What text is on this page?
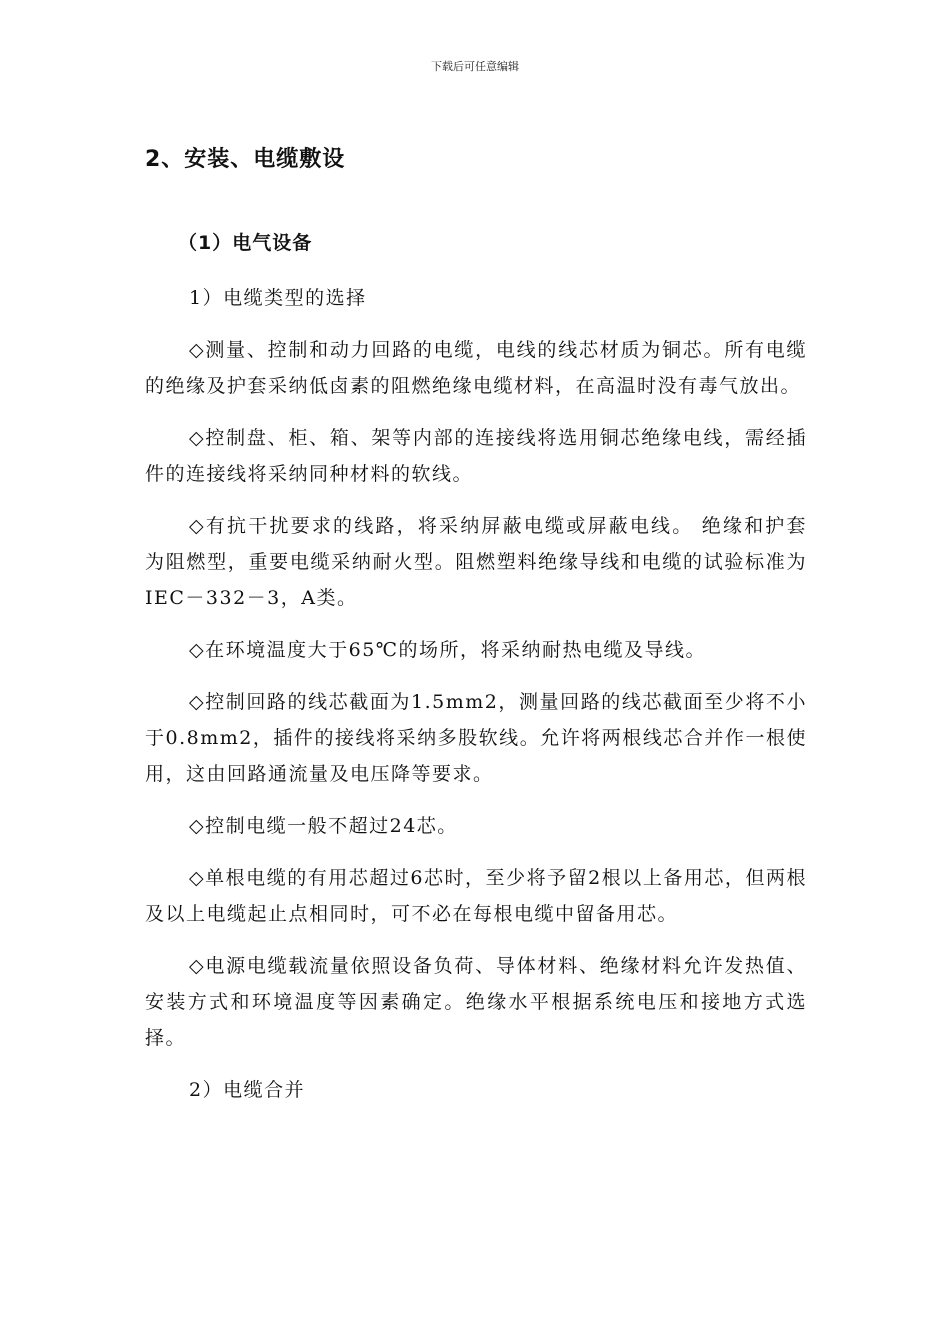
下载后可任意编辑
2、安装、电缆敷设
（1）电气设备

1）电缆类型的选择

◇测量、控制和动力回路的电缆，电线的线芯材质为铜芯。所有电缆的绝缘及护套采纳低卤素的阻燃绝缘电缆材料，在高温时没有毒气放出。

◇控制盘、柜、箱、架等内部的连接线将选用铜芯绝缘电线，需经插件的连接线将采纳同种材料的软线。

◇有抗干扰要求的线路，将采纳屏蔽电缆或屏蔽电线。 绝缘和护套为阻燃型，重要电缆采纳耐火型。阻燃塑料绝缘导线和电缆的试验标准为IEC－332－3，A类。

◇在环境温度大于65℃的场所，将采纳耐热电缆及导线。

◇控制回路的线芯截面为1.5mm2，测量回路的线芯截面至少将不小于0.8mm2，插件的接线将采纳多股软线。允许将两根线芯合并作一根使用，这由回路通流量及电压降等要求。

◇控制电缆一般不超过24芯。

◇单根电缆的有用芯超过6芯时，至少将予留2根以上备用芯，但两根及以上电缆起止点相同时，可不必在每根电缆中留备用芯。

◇电源电缆载流量依照设备负荷、导体材料、绝缘材料允许发热值、安装方式和环境温度等因素确定。绝缘水平根据系统电压和接地方式选择。

2）电缆合并
